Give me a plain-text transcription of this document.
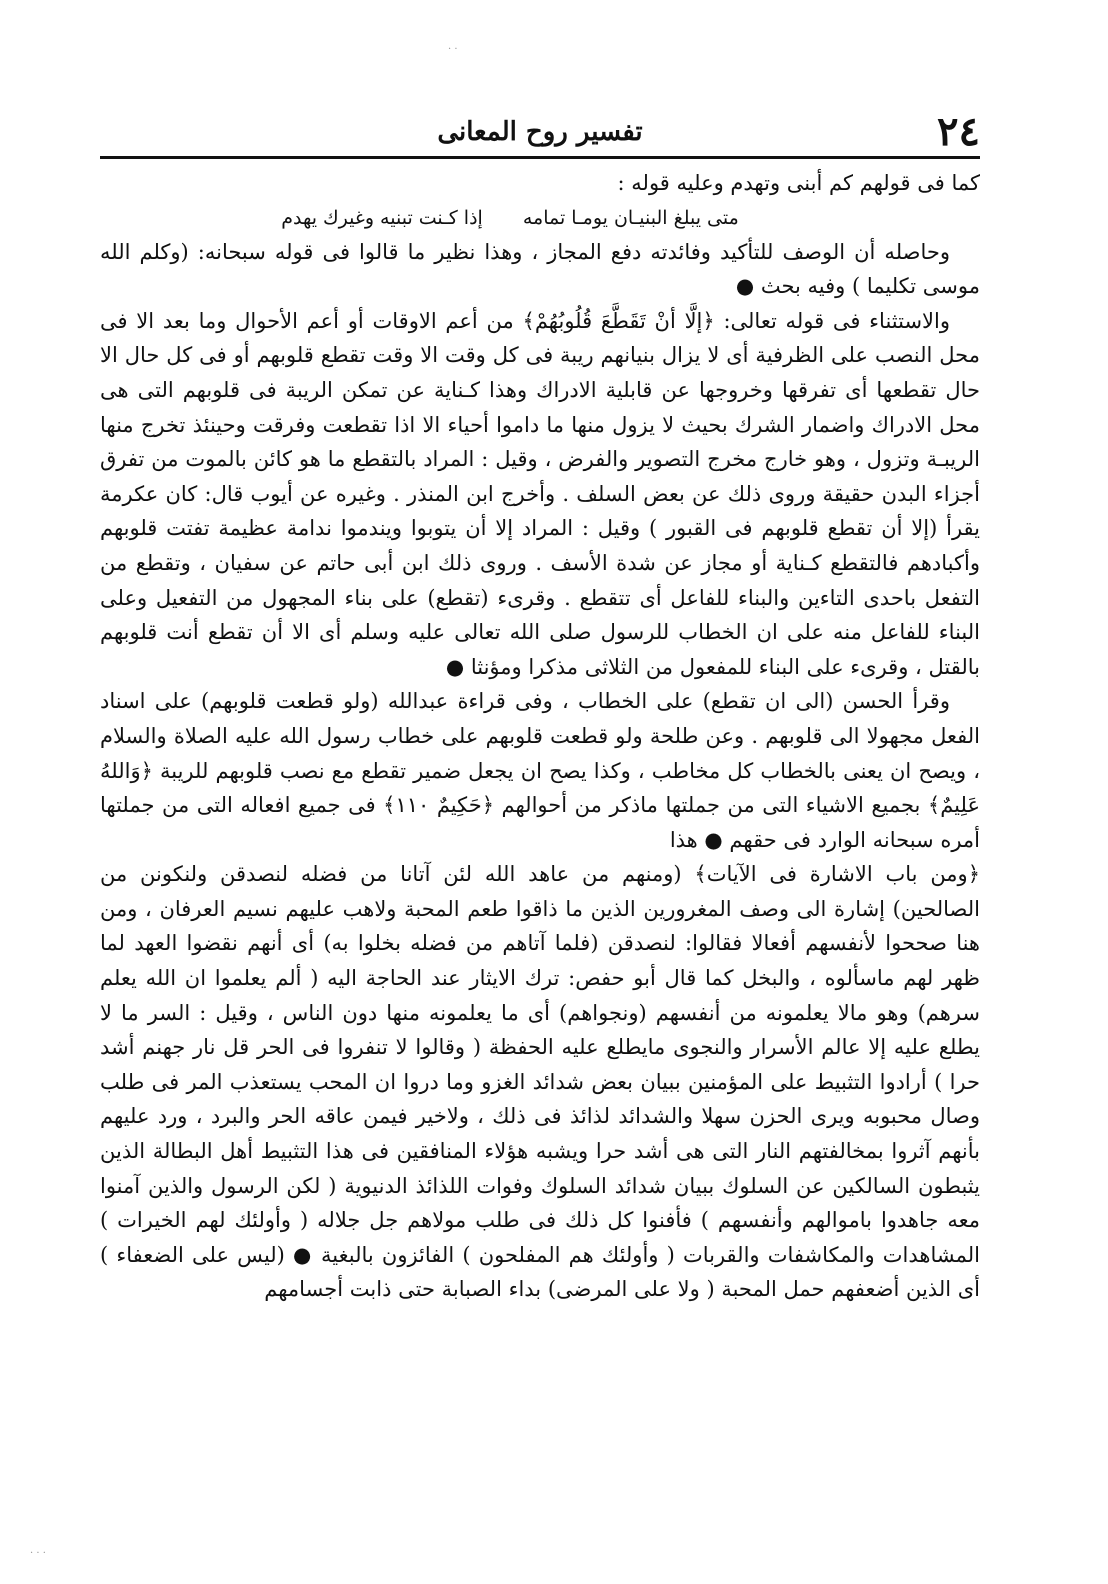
· ·
· · ·
٢٤
تفسير روح المعانى

كما فى قولهم كم أبنى وتهدم وعليه قوله :

متى يبلغ البنيـان يومـا تمامه
إذا كـنت تبنيه وغيرك يهدم

وحاصله أن الوصف للتأكيد وفائدته دفع المجاز ، وهذا نظير ما قالوا فى قوله سبحانه: (وكلم الله موسى تكليما ) وفيه بحث ●

والاستثناء فى قوله تعالى: ﴿إلَّا أنْ تَقَطَّعَ قُلُوبُهُمْ﴾ من أعم الاوقات أو أعم الأحوال وما بعد الا فى محل النصب على الظرفية أى لا يزال بنيانهم ريبة فى كل وقت الا وقت تقطع قلوبهم أو فى كل حال الا حال تقطعها أى تفرقها وخروجها عن قابلية الادراك وهذا كـناية عن تمكن الريبة فى قلوبهم التى هى محل الادراك واضمار الشرك بحيث لا يزول منها ما داموا أحياء الا اذا تقطعت وفرقت وحينئذ تخرج منها الريبـة وتزول ، وهو خارج مخرج التصوير والفرض ، وقيل : المراد بالتقطع ما هو كائن بالموت من تفرق أجزاء البدن حقيقة وروى ذلك عن بعض السلف . وأخرج ابن المنذر . وغيره عن أيوب قال: كان عكرمة يقرأ (إلا أن تقطع قلوبهم فى القبور ) وقيل : المراد إلا أن يتوبوا ويندموا ندامة عظيمة تفتت قلوبهم وأكبادهم فالتقطع كـناية أو مجاز عن شدة الأسف . وروى ذلك ابن أبى حاتم عن سفيان ، وتقطع من التفعل باحدى التاءين والبناء للفاعل أى تتقطع . وقرىء (تقطع) على بناء المجهول من التفعيل وعلى البناء للفاعل منه على ان الخطاب للرسول صلى الله تعالى عليه وسلم أى الا أن تقطع أنت قلوبهم بالقتل ، وقرىء على البناء للمفعول من الثلاثى مذكرا ومؤنثا ●

وقرأ الحسن (الى ان تقطع) على الخطاب ، وفى قراءة عبدالله (ولو قطعت قلوبهم) على اسناد الفعل مجهولا الى قلوبهم . وعن طلحة ولو قطعت قلوبهم على خطاب رسول الله عليه الصلاة والسلام ، ويصح ان يعنى بالخطاب كل مخاطب ، وكذا يصح ان يجعل ضمير تقطع مع نصب قلوبهم للريبة ﴿وَاللهُ عَلِيمٌ﴾ بجميع الاشياء التى من جملتها ماذكر من أحوالهم ﴿حَكِيمٌ ١١٠﴾ فى جميع افعاله التى من جملتها أمره سبحانه الوارد فى حقهم ● هذا

﴿ومن باب الاشارة فى الآيات﴾ (ومنهم من عاهد الله لئن آتانا من فضله لنصدقن ولنكونن من الصالحين) إشارة الى وصف المغرورين الذين ما ذاقوا طعم المحبة ولاهب عليهم نسيم العرفان ، ومن هنا صححوا لأنفسهم أفعالا فقالوا: لنصدقن (فلما آتاهم من فضله بخلوا به) أى أنهم نقضوا العهد لما ظهر لهم ماسألوه ، والبخل كما قال أبو حفص: ترك الايثار عند الحاجة اليه ( ألم يعلموا ان الله يعلم سرهم) وهو مالا يعلمونه من أنفسهم (ونجواهم) أى ما يعلمونه منها دون الناس ، وقيل : السر ما لا يطلع عليه إلا عالم الأسرار والنجوى مايطلع عليه الحفظة ( وقالوا لا تنفروا فى الحر قل نار جهنم أشد حرا ) أرادوا التثبيط على المؤمنين ببيان بعض شدائد الغزو وما دروا ان المحب يستعذب المر فى طلب وصال محبوبه ويرى الحزن سهلا والشدائد لذائذ فى ذلك ، ولاخير فيمن عاقه الحر والبرد ، ورد عليهم بأنهم آثروا بمخالفتهم النار التى هى أشد حرا ويشبه هؤلاء المنافقين فى هذا التثبيط أهل البطالة الذين يثبطون السالكين عن السلوك ببيان شدائد السلوك وفوات اللذائذ الدنيوية ( لكن الرسول والذين آمنوا معه جاهدوا باموالهم وأنفسهم ) فأفنوا كل ذلك فى طلب مولاهم جل جلاله ( وأولئك لهم الخيرات ) المشاهدات والمكاشفات والقربات ( وأولئك هم المفلحون ) الفائزون بالبغية ● (ليس على الضعفاء ) أى الذين أضعفهم حمل المحبة ( ولا على المرضى) بداء الصبابة حتى ذابت أجسامهم
